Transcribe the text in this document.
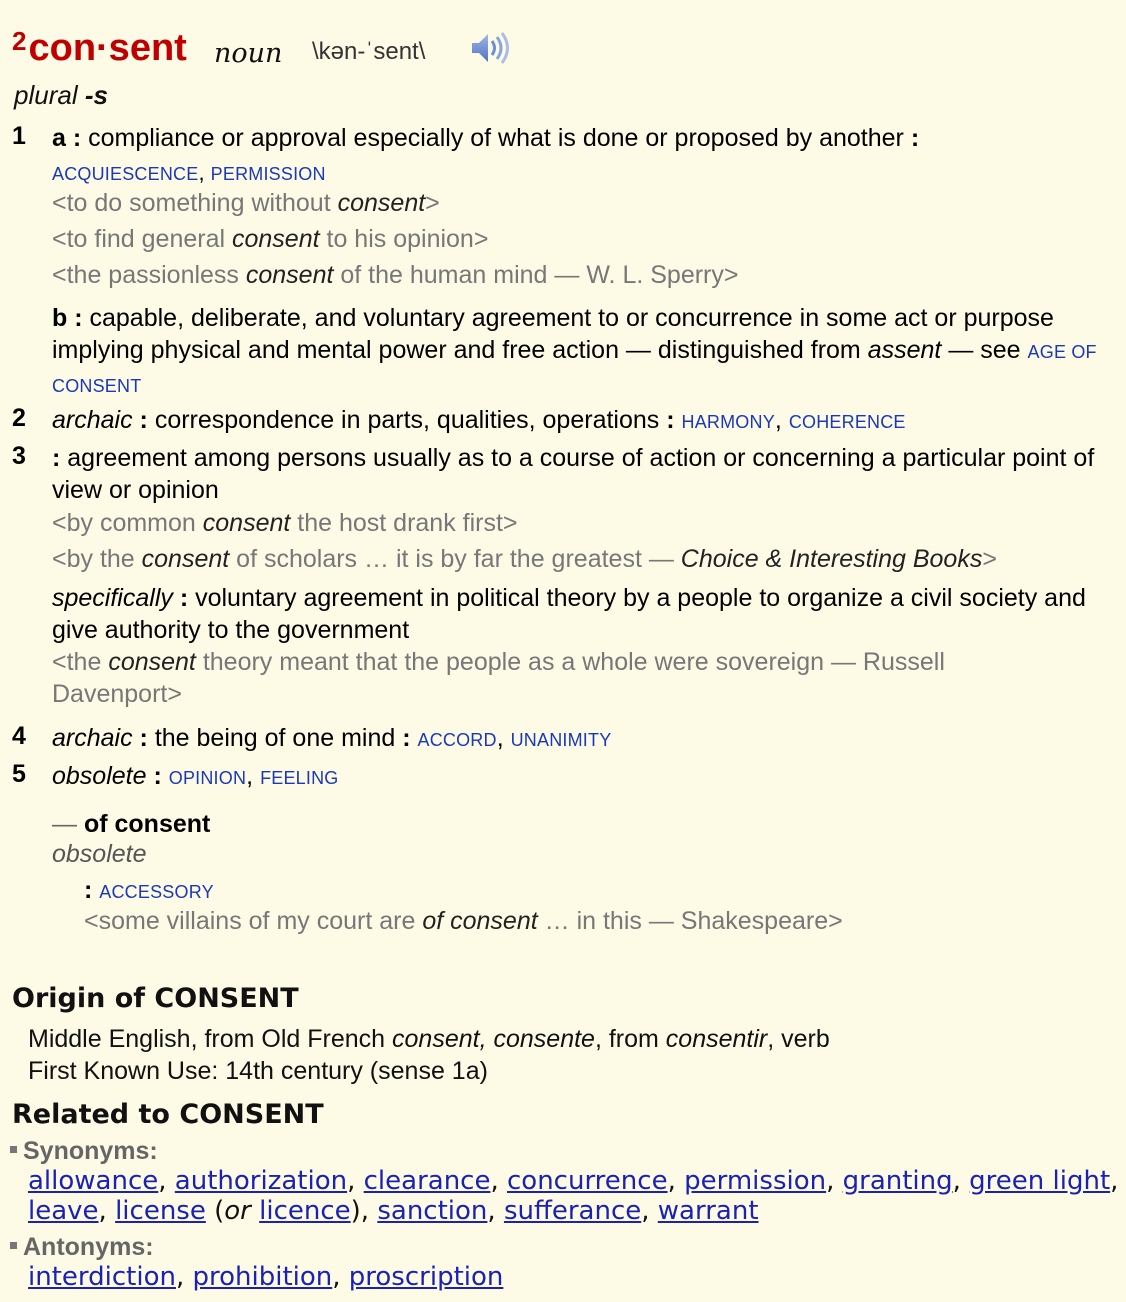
$^2$con·sent noun \kən-ˈsent\
plural -s
1 a : compliance or approval especially of what is done or proposed by another :
ACQUIESCENCE, PERMISSION
<to do something without consent>
<to find general consent to his opinion>
<the passionless consent of the human mind — W. L. Sperry>
b : capable, deliberate, and voluntary agreement to or concurrence in some act or purpose implying physical and mental power and free action — distinguished from assent — see AGE OF CONSENT
2 archaic : correspondence in parts, qualities, operations : HARMONY, COHERENCE
3 : agreement among persons usually as to a course of action or concerning a particular point of view or opinion
<by common consent the host drank first>
<by the consent of scholars … it is by far the greatest — Choice & Interesting Books>
specifically : voluntary agreement in political theory by a people to organize a civil society and give authority to the government
<the consent theory meant that the people as a whole were sovereign — Russell Davenport>
4 archaic : the being of one mind : ACCORD, UNANIMITY
5 obsolete : OPINION, FEELING
— of consent
obsolete
: ACCESSORY
<some villains of my court are of consent … in this — Shakespeare>
Origin of CONSENT
Middle English, from Old French consent, consente, from consentir, verb
First Known Use: 14th century (sense 1a)
Related to CONSENT
Synonyms:
allowance, authorization, clearance, concurrence, permission, granting, green light,
leave, license (or licence), sanction, sufferance, warrant
Antonyms:
interdiction, prohibition, proscription
